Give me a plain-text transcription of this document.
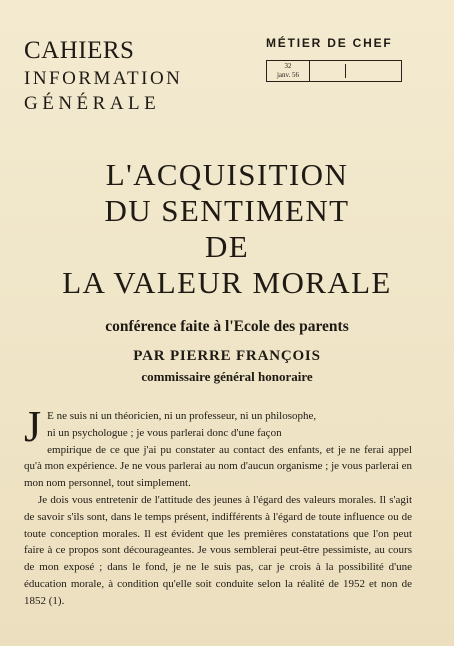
CAHIERS
INFORMATION
GÉNÉRALE
MÉTIER DE CHEF
32
janv. 56
L'ACQUISITION
DU SENTIMENT
DE
LA VALEUR MORALE
conférence faite à l'Ecole des parents
PAR PIERRE FRANÇOIS
commissaire général honoraire

J E ne suis ni un théoricien, ni un professeur, ni un philosophe,
ni un psychologue ; je vous parlerai donc d'une façon
empirique de ce que j'ai pu constater au contact des enfants, et je ne ferai appel qu'à mon expérience. Je ne vous parlerai au nom d'aucun organisme ; je vous parlerai en mon nom personnel, tout simplement.

Je dois vous entretenir de l'attitude des jeunes à l'égard des valeurs morales. Il s'agit de savoir s'ils sont, dans le temps présent, indifférents à l'égard de toute influence ou de toute conception morales. Il est évident que les premières constatations que l'on peut faire à ce propos sont décourageantes. Je vous semblerai peut-être pessimiste, au cours de mon exposé ; dans le fond, je ne le suis pas, car je crois à la possibilité d'une éducation morale, à condition qu'elle soit conduite selon la réalité de 1952 et non de 1852 (1).
